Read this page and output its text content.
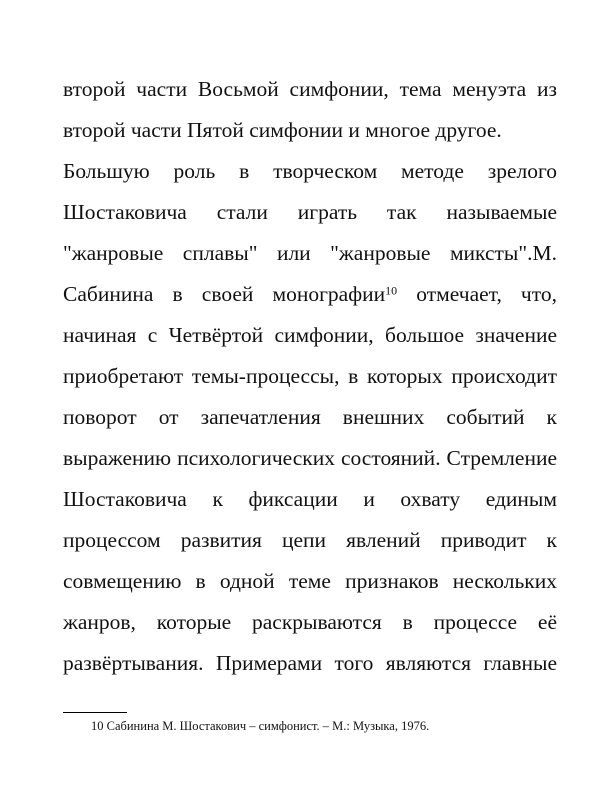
второй части Восьмой симфонии, тема менуэта из
второй части Пятой симфонии и многое другое.
Большую роль в творческом методе зрелого
Шостаковича стали играть так называемые
"жанровые сплавы" или "жанровые миксты".М.
Сабинина в своей монографии$^{10}$ отмечает, что,
начиная с Четвёртой симфонии, большое значение
приобретают темы-процессы, в которых происходит
поворот от запечатления внешних событий к
выражению психологических состояний. Стремление
Шостаковича к фиксации и охвату единым
процессом развития цепи явлений приводит к
совмещению в одной теме признаков нескольких
жанров, которые раскрываются в процессе её
развёртывания. Примерами того являются главные
10 Сабинина М. Шостакович – симфонист. – М.: Музыка, 1976.
